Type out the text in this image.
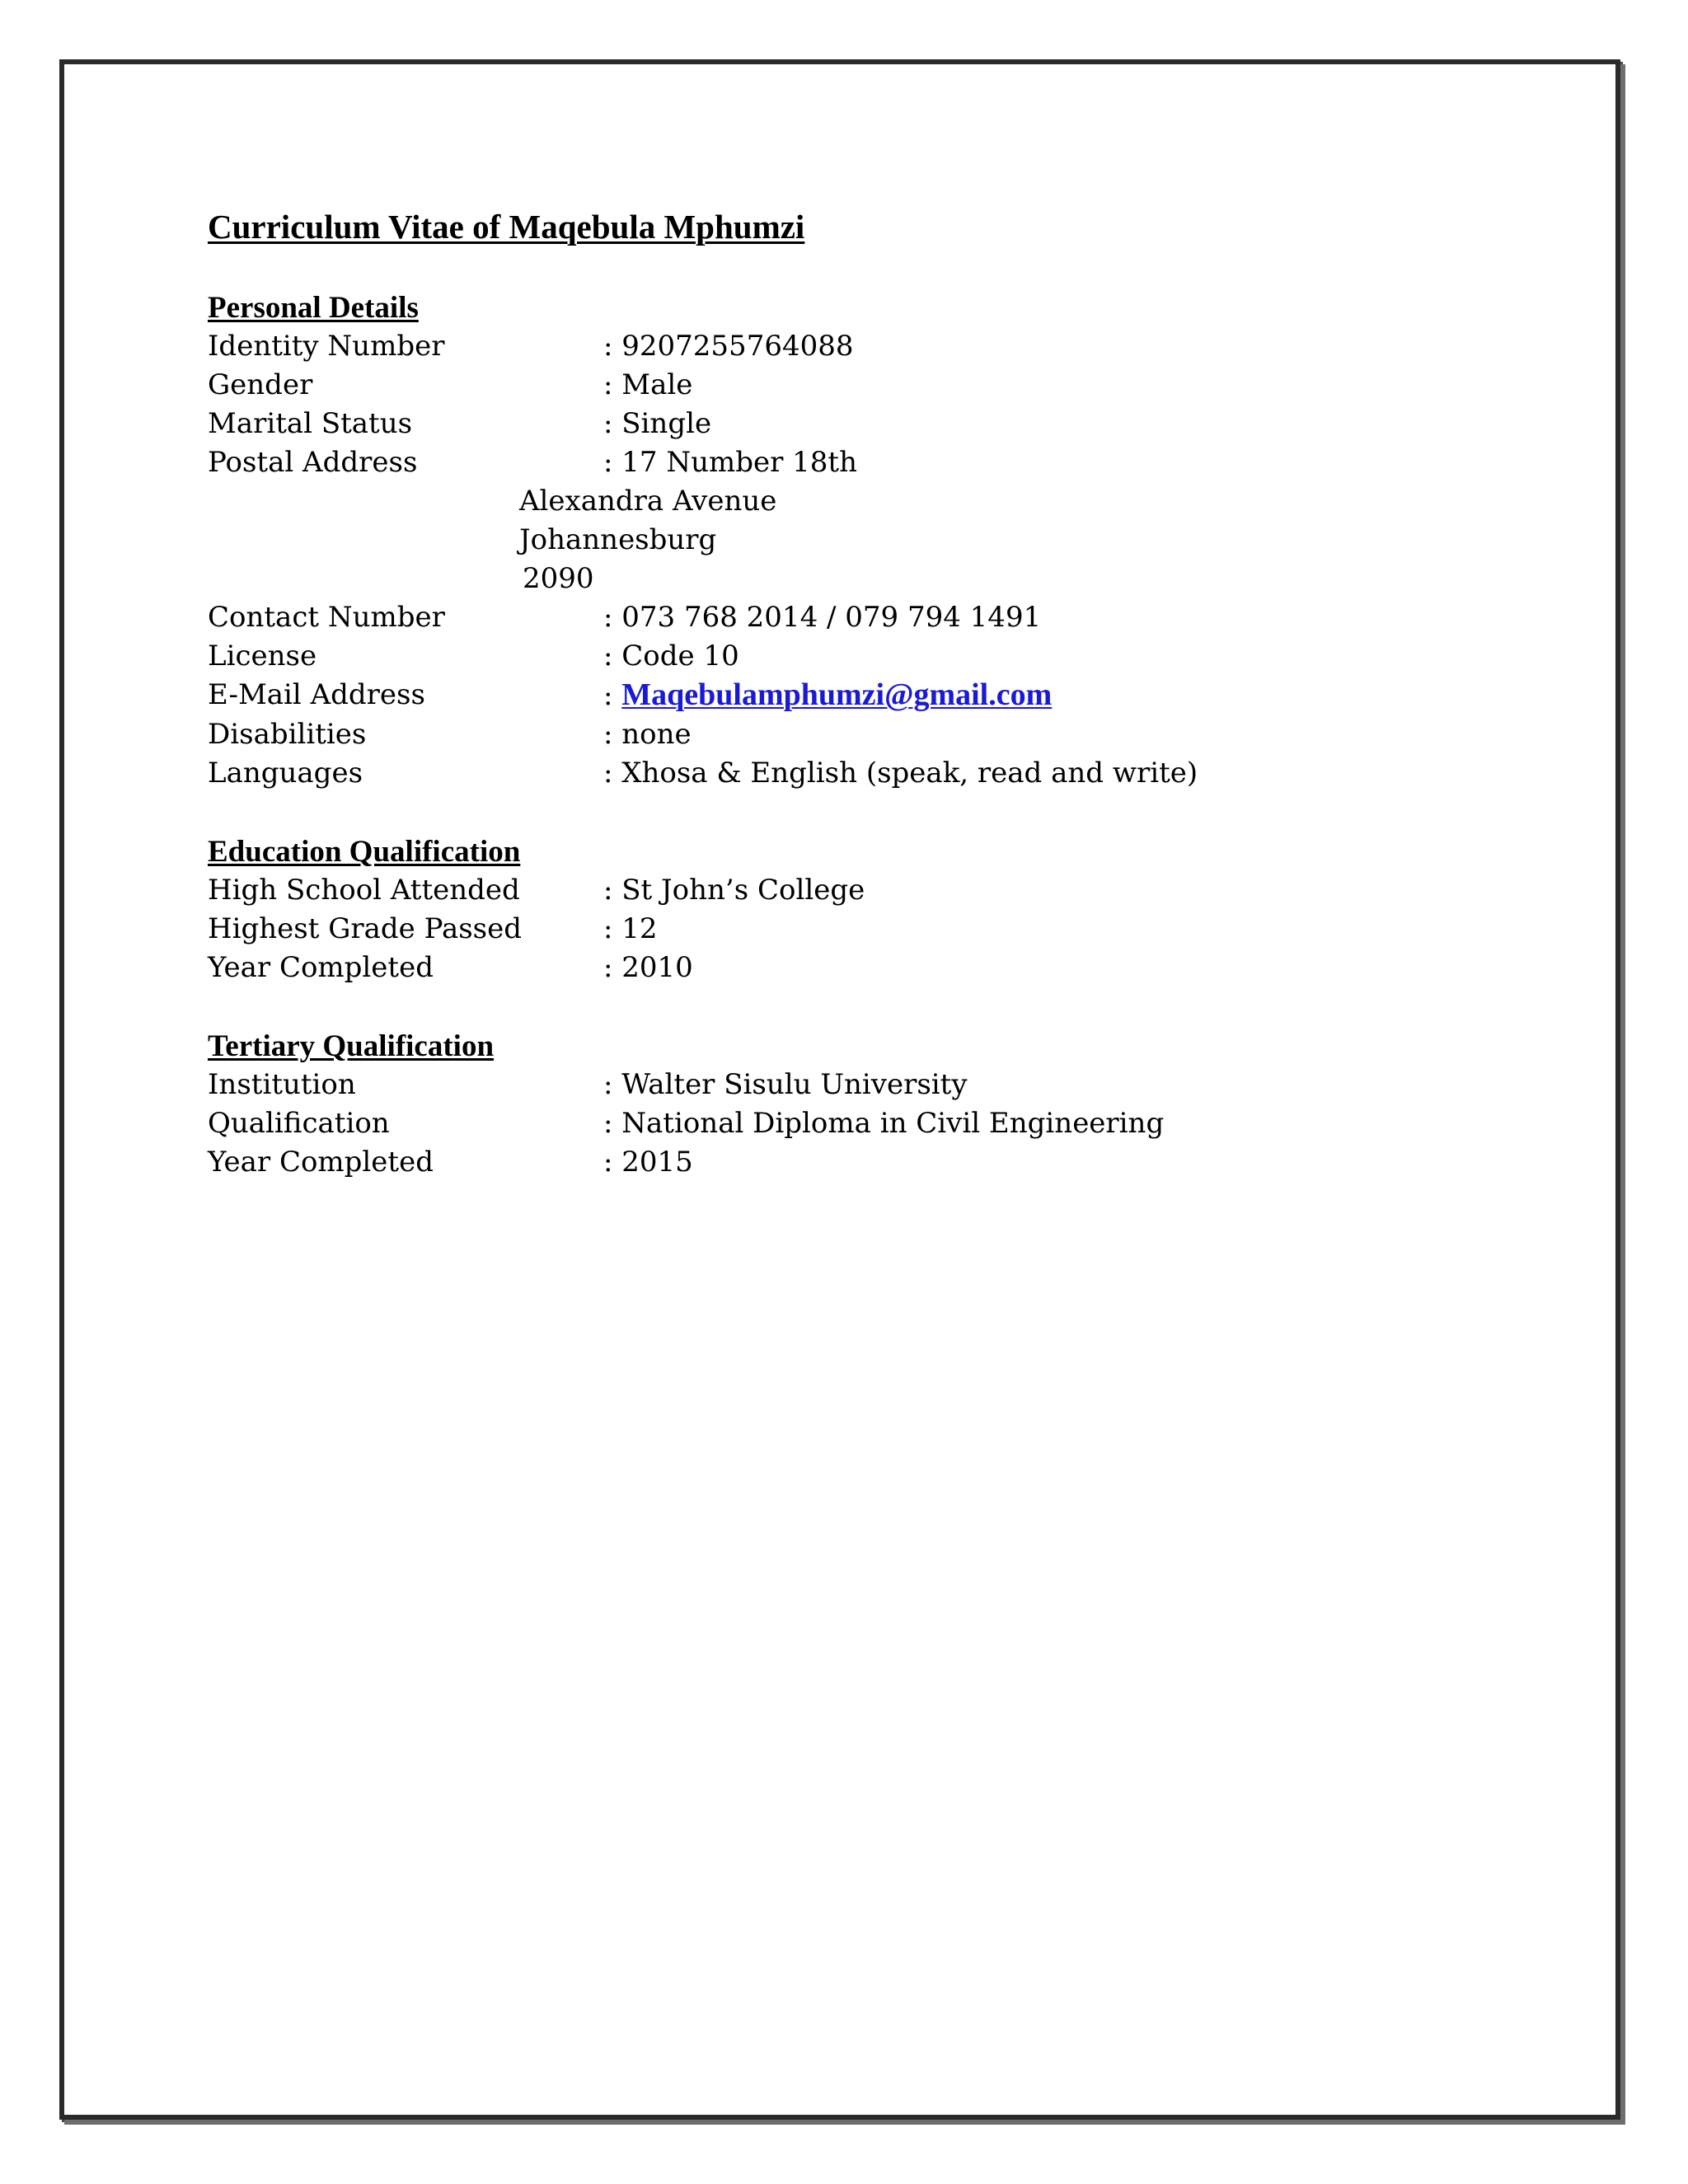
Curriculum Vitae of Maqebula Mphumzi
Personal Details
Identity Number	: 9207255764088
Gender	: Male
Marital Status	: Single
Postal Address	: 17 Number 18th
Alexandra Avenue
Johannesburg
2090
Contact Number	: 073 768 2014 / 079 794 1491
License	: Code 10
E-Mail Address	: Maqebulamphumzi@gmail.com
Disabilities	: none
Languages	: Xhosa & English (speak, read and write)
Education Qualification
High School Attended	: St John’s College
Highest Grade Passed	: 12
Year Completed	: 2010
Tertiary Qualification
Institution	: Walter Sisulu University
Qualification	: National Diploma in Civil Engineering
Year Completed	: 2015
